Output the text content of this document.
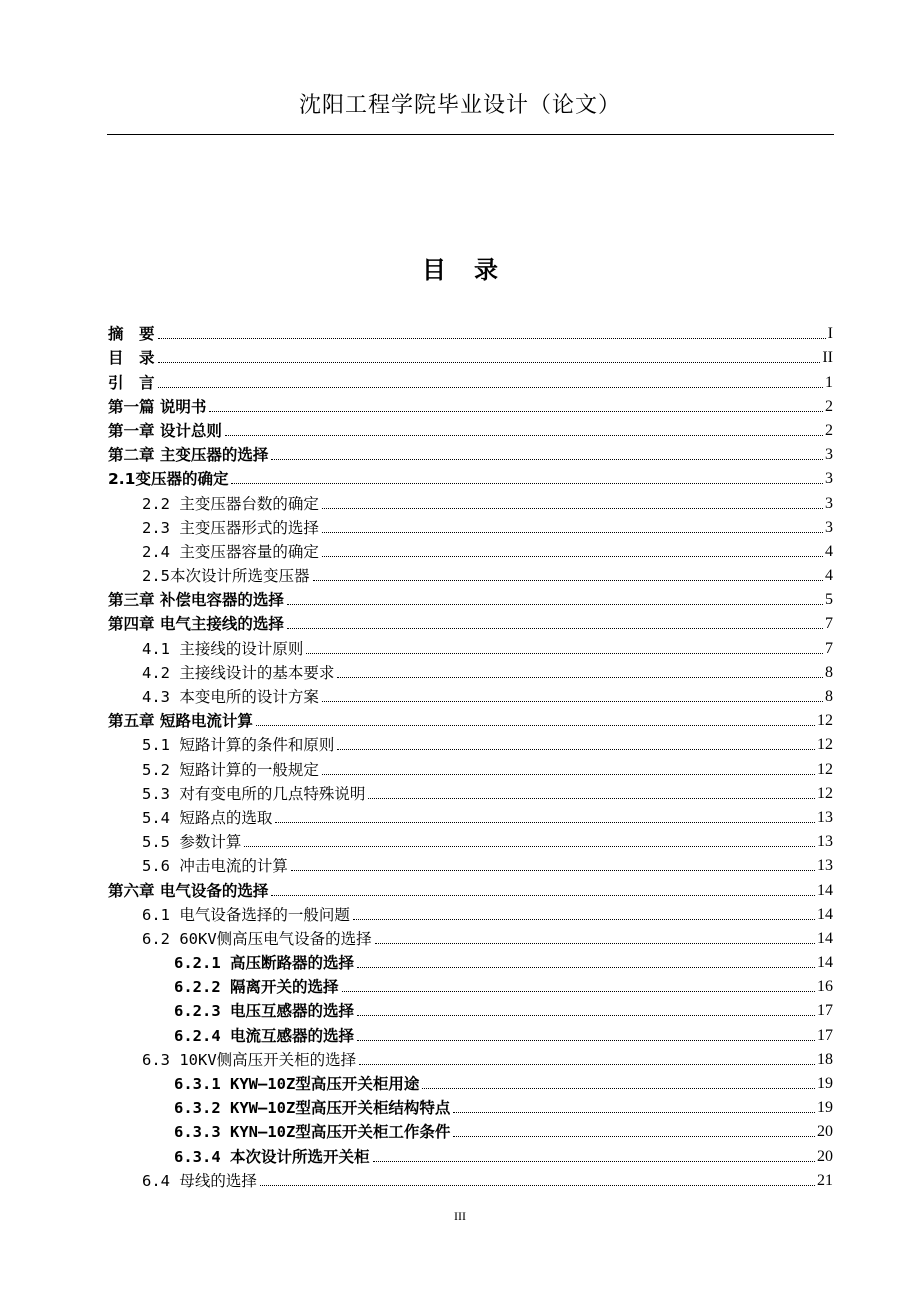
沈阳工程学院毕业设计（论文）
目录
摘　要	I
目　录	II
引　言	1
第一篇 说明书	2
第一章 设计总则	2
第二章 主变压器的选择	3
2.1变压器的确定	3
2.2 主变压器台数的确定	3
2.3 主变压器形式的选择	3
2.4 主变压器容量的确定	4
2.5本次设计所选变压器	4
第三章 补偿电容器的选择	5
第四章 电气主接线的选择	7
4.1 主接线的设计原则	7
4.2 主接线设计的基本要求	8
4.3 本变电所的设计方案	8
第五章 短路电流计算	12
5.1 短路计算的条件和原则	12
5.2 短路计算的一般规定	12
5.3 对有变电所的几点特殊说明	12
5.4 短路点的选取	13
5.5 参数计算	13
5.6 冲击电流的计算	13
第六章 电气设备的选择	14
6.1 电气设备选择的一般问题	14
6.2 60KV侧高压电气设备的选择	14
6.2.1 高压断路器的选择	14
6.2.2 隔离开关的选择	16
6.2.3 电压互感器的选择	17
6.2.4 电流互感器的选择	17
6.3 10KV侧高压开关柜的选择	18
6.3.1 KYW—10Z型高压开关柜用途	19
6.3.2 KYW—10Z型高压开关柜结构特点	19
6.3.3 KYN—10Z型高压开关柜工作条件	20
6.3.4 本次设计所选开关柜	20
6.4 母线的选择	21
III
